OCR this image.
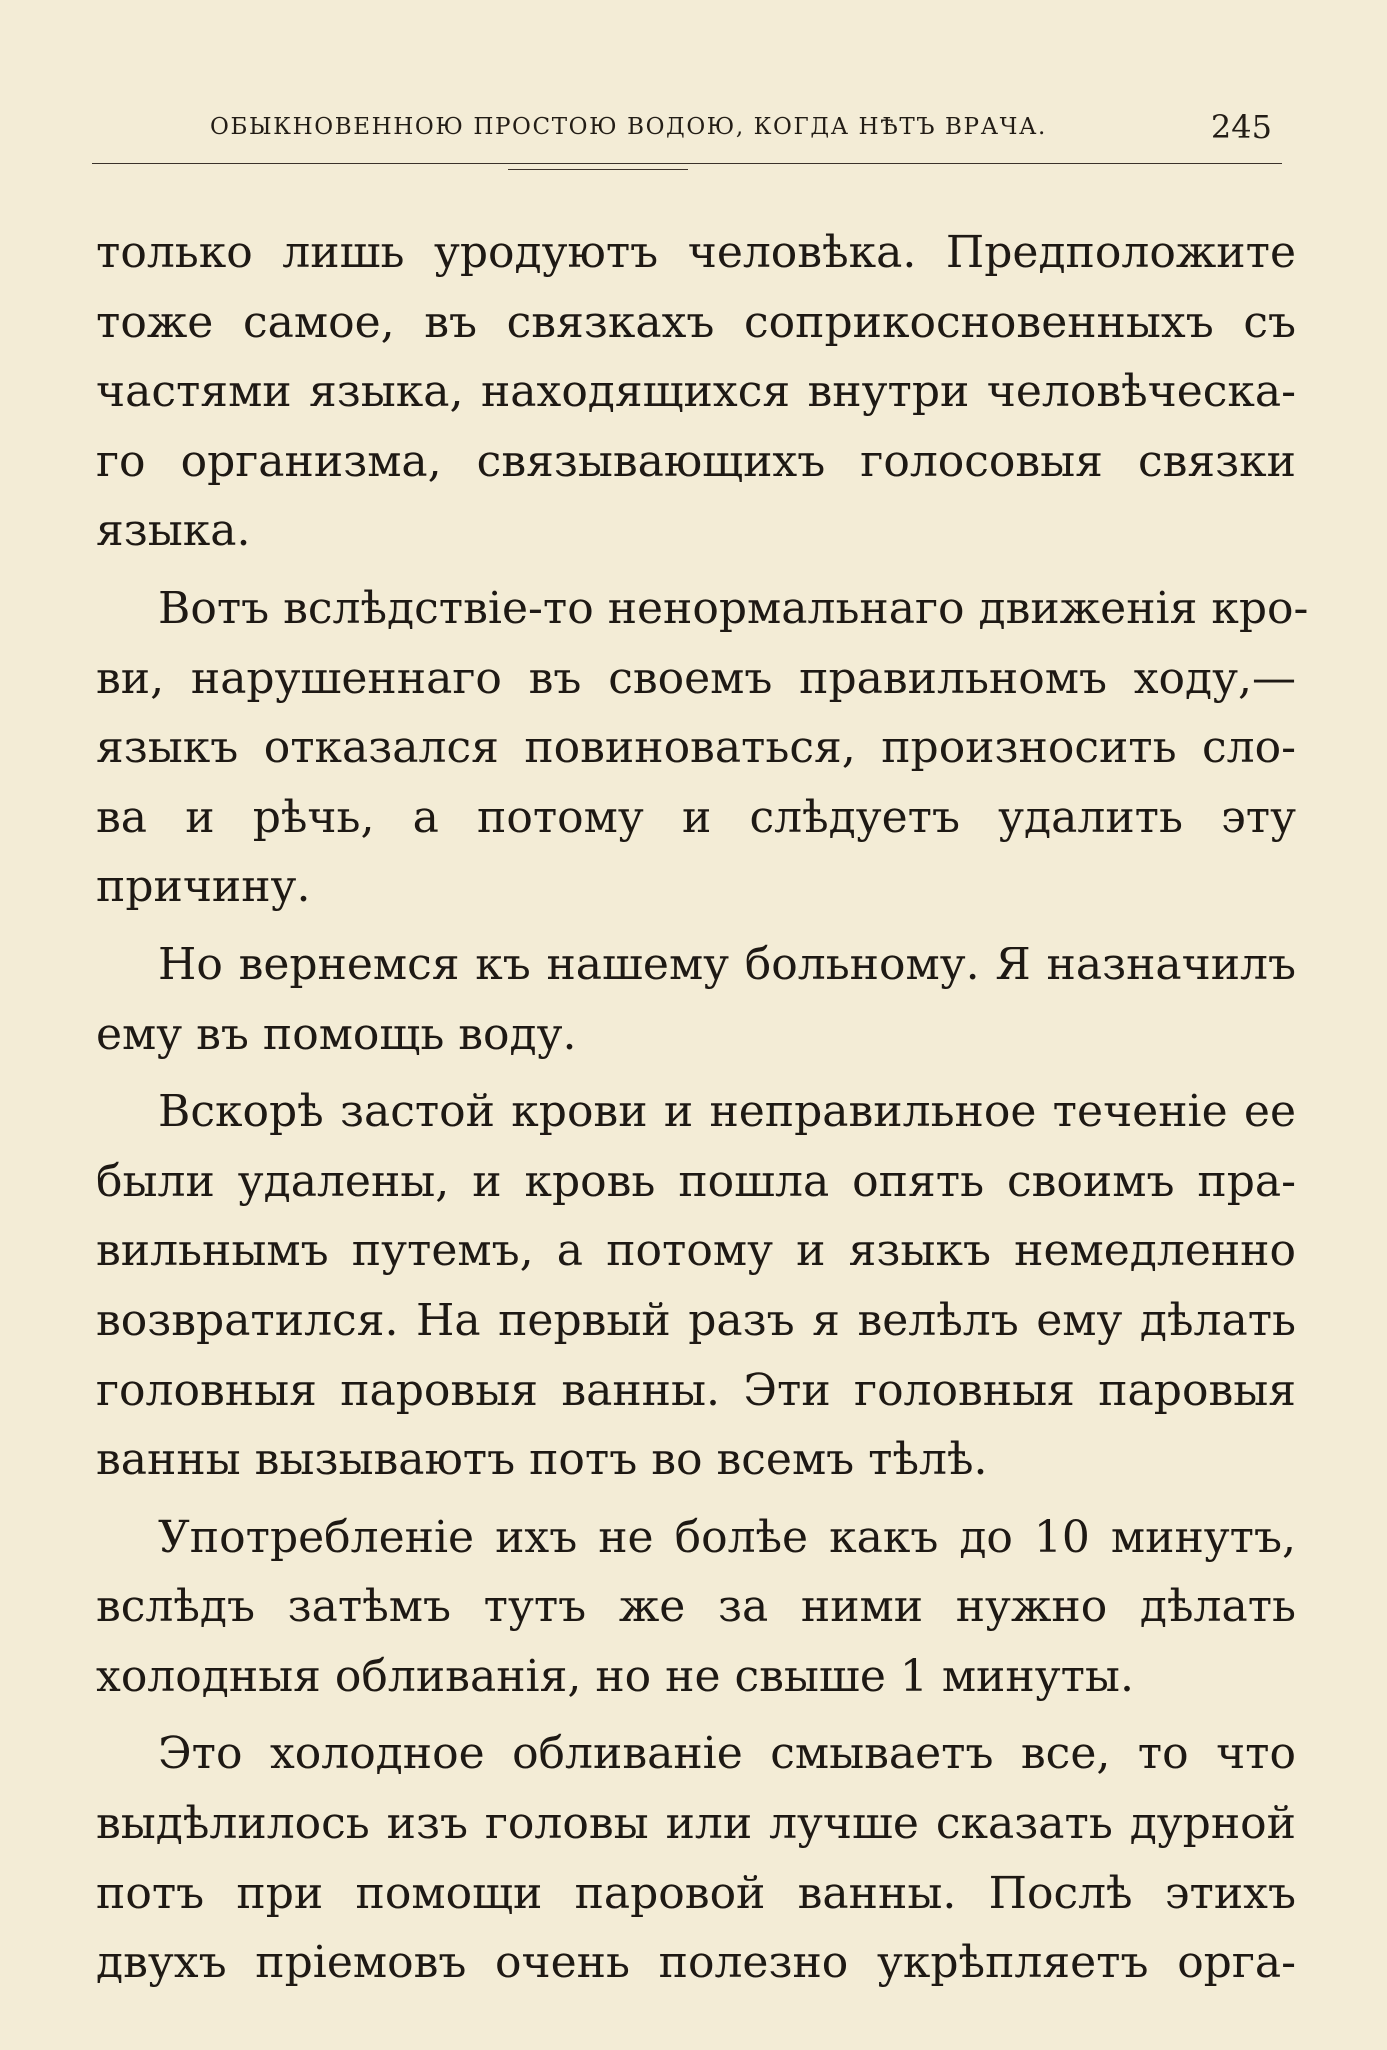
ОБЫКНОВЕННОЮ ПРОСТОЮ ВОДОЮ, КОГДА НѢТЪ ВРАЧА.	245
только лишь уродуютъ человѣка. Предположите
тоже самое, въ связкахъ соприкосновенныхъ съ
частями языка, находящихся внутри человѣческа-
го организма, связывающихъ голосовыя связки
языка.
Вотъ вслѣдствіе-то ненормальнаго движенія кро-
ви, нарушеннаго въ своемъ правильномъ ходу,—
языкъ отказался повиноваться, произносить сло-
ва и рѣчь, а потому и слѣдуетъ удалить эту
причину.
Но вернемся къ нашему больному. Я назначилъ
ему въ помощь воду.
Вскорѣ застой крови и неправильное теченіе ее
были удалены, и кровь пошла опять своимъ пра-
вильнымъ путемъ, а потому и языкъ немедленно
возвратился. На первый разъ я велѣлъ ему дѣлать
головныя паровыя ванны. Эти головныя паровыя
ванны вызываютъ потъ во всемъ тѣлѣ.
Употребленіе ихъ не болѣе какъ до 10 минутъ,
вслѣдъ затѣмъ тутъ же за ними нужно дѣлать
холодныя обливанія, но не свыше 1 минуты.
Это холодное обливаніе смываетъ все, то что
выдѣлилось изъ головы или лучше сказать дурной
потъ при помощи паровой ванны. Послѣ этихъ
двухъ пріемовъ очень полезно укрѣпляетъ орга-
